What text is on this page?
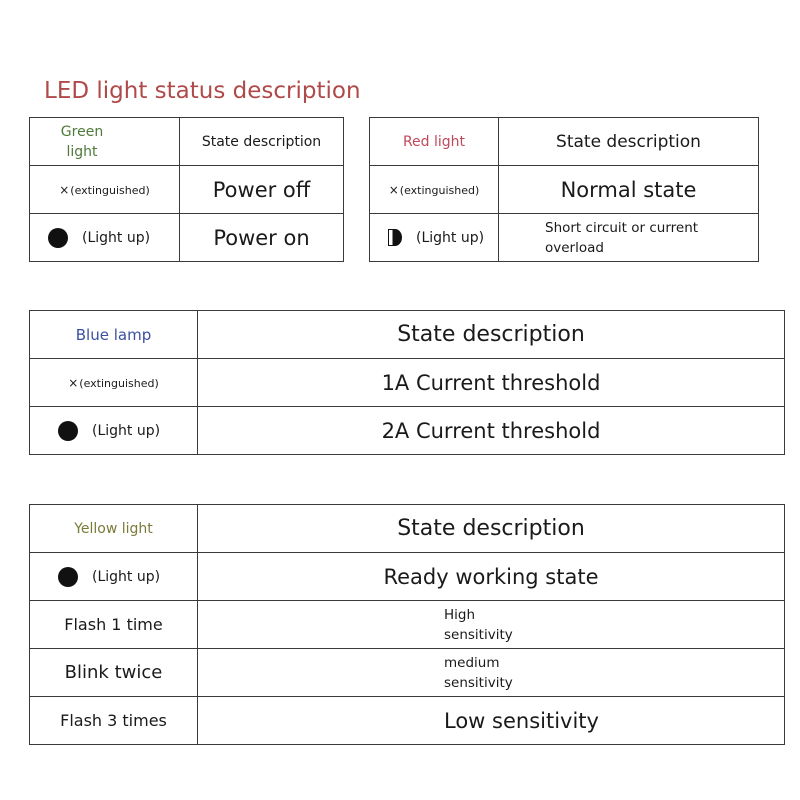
LED light status description
Green light	State description
×(extinguished)	Power off

(Light up)	Power on
Red light	State description
×(extinguished)	Normal state

(Light up)	Short circuit or current overload
Blue lamp	State description
×(extinguished)	1A Current threshold

(Light up)	2A Current threshold
Yellow light	State description

(Light up)	Ready working state
Flash 1 time	High sensitivity

Blink twice	medium sensitivity

Flash 3 times	Low sensitivity
